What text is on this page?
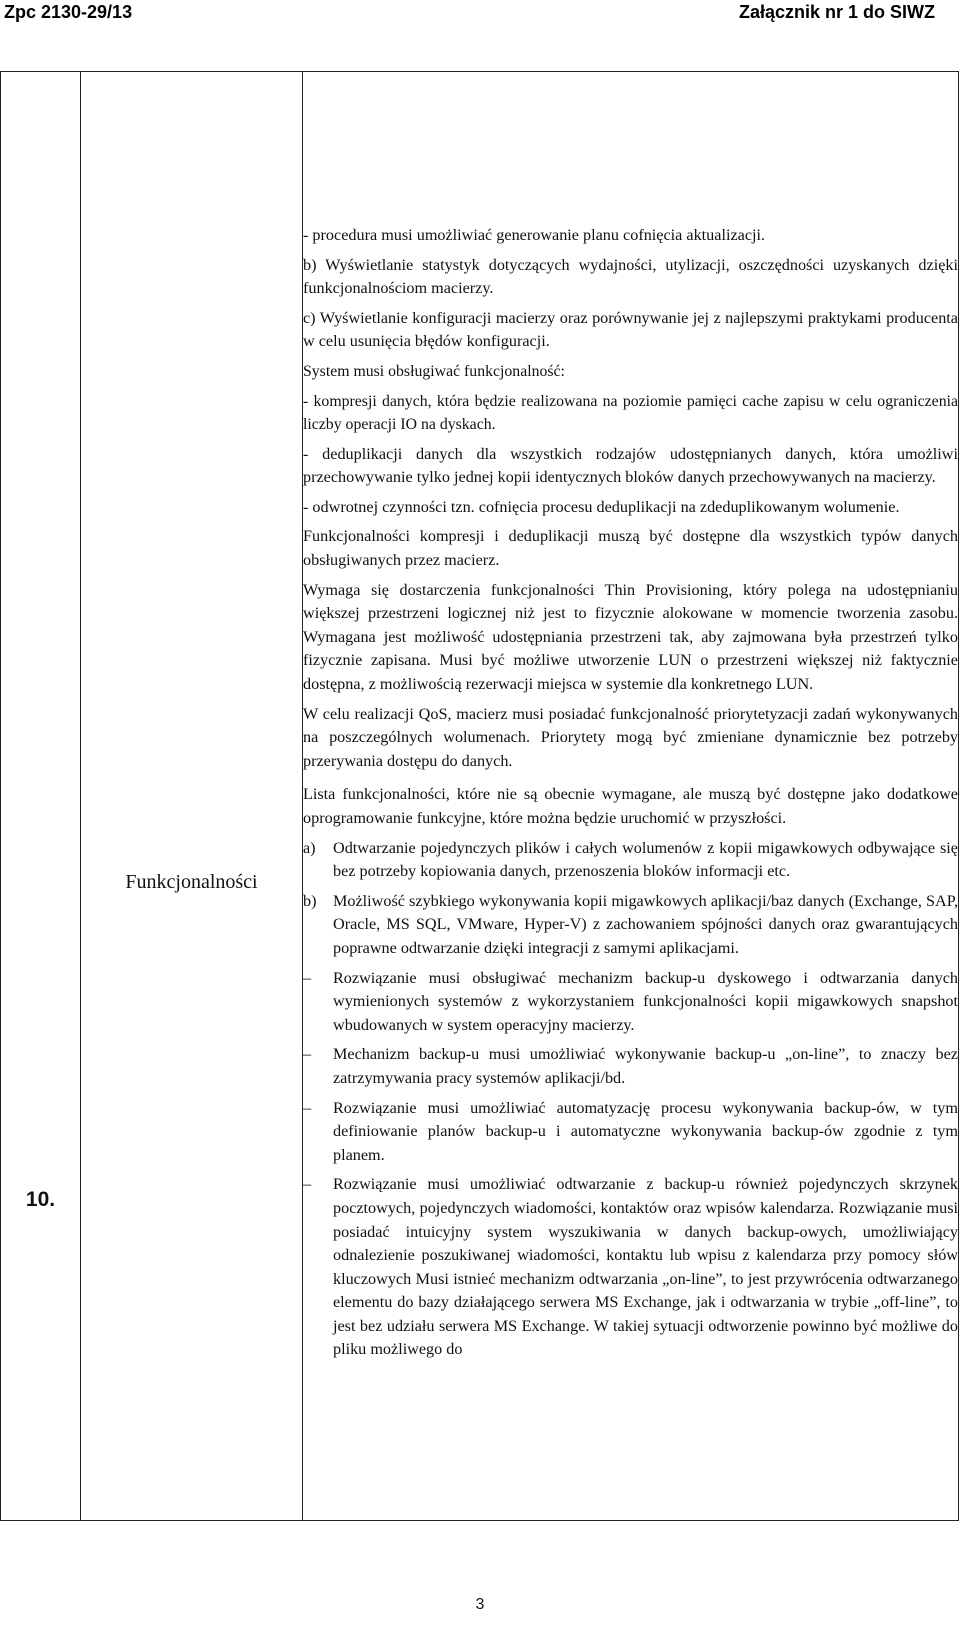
Zpc 2130-29/13	Załącznik nr 1 do SIWZ
10.	Funkcjonalności	

- procedura musi umożliwiać generowanie planu cofnięcia aktualizacji.

b) Wyświetlanie statystyk dotyczących wydajności, utylizacji, oszczędności uzyskanych dzięki funkcjonalnościom macierzy.

c) Wyświetlanie konfiguracji macierzy oraz porównywanie jej z najlepszymi praktykami producenta w celu usunięcia błędów konfiguracji.

System musi obsługiwać funkcjonalność:

- kompresji danych, która będzie realizowana na poziomie pamięci cache zapisu w celu ograniczenia liczby operacji IO na dyskach.

- deduplikacji danych dla wszystkich rodzajów udostępnianych danych, która umożliwi przechowywanie tylko jednej kopii identycznych bloków danych przechowywanych na macierzy.

- odwrotnej czynności tzn. cofnięcia procesu deduplikacji na zdeduplikowanym wolumenie.

Funkcjonalności kompresji i deduplikacji muszą być dostępne dla wszystkich typów danych obsługiwanych przez macierz.

Wymaga się dostarczenia funkcjonalności Thin Provisioning, który polega na udostępnianiu większej przestrzeni logicznej niż jest to fizycznie alokowane w momencie tworzenia zasobu. Wymagana jest możliwość udostępniania przestrzeni tak, aby zajmowana była przestrzeń tylko fizycznie zapisana. Musi być możliwe utworzenie LUN o przestrzeni większej niż faktycznie dostępna, z możliwością rezerwacji miejsca w systemie dla konkretnego LUN.

W celu realizacji QoS, macierz musi posiadać funkcjonalność priorytetyzacji zadań wykonywanych na poszczególnych wolumenach. Priorytety mogą być zmieniane dynamicznie bez potrzeby przerywania dostępu do danych.

Lista funkcjonalności, które nie są obecnie wymagane, ale muszą być dostępne jako dodatkowe oprogramowanie funkcyjne, które można będzie uruchomić w przyszłości.

a)	Odtwarzanie pojedynczych plików i całych wolumenów z kopii migawkowych odbywające się bez potrzeby kopiowania danych, przenoszenia bloków informacji etc.
b)	Możliwość szybkiego wykonywania kopii migawkowych aplikacji/baz danych (Exchange, SAP, Oracle, MS SQL, VMware, Hyper-V) z zachowaniem spójności danych oraz gwarantujących poprawne odtwarzanie dzięki integracji z samymi aplikacjami.
–	Rozwiązanie musi obsługiwać mechanizm backup-u dyskowego i odtwarzania danych wymienionych systemów z wykorzystaniem funkcjonalności kopii migawkowych snapshot wbudowanych w system operacyjny macierzy.
–	Mechanizm backup-u musi umożliwiać wykonywanie backup-u „on-line”, to znaczy bez zatrzymywania pracy systemów aplikacji/bd.
–	Rozwiązanie musi umożliwiać automatyzację procesu wykonywania backup-ów, w tym definiowanie planów backup-u i automatyczne wykonywania backup-ów zgodnie z tym planem.
–	Rozwiązanie musi umożliwiać odtwarzanie z backup-u również pojedynczych skrzynek pocztowych, pojedynczych wiadomości, kontaktów oraz wpisów kalendarza. Rozwiązanie musi posiadać intuicyjny system wyszukiwania w danych backup-owych, umożliwiający odnalezienie poszukiwanej wiadomości, kontaktu lub wpisu z kalendarza przy pomocy słów kluczowych Musi istnieć mechanizm odtwarzania „on-line”, to jest przywrócenia odtwarzanego elementu do bazy działającego serwera MS Exchange, jak i odtwarzania w trybie „off-line”, to jest bez udziału serwera MS Exchange. W takiej sytuacji odtworzenie powinno być możliwe do pliku możliwego do
3
